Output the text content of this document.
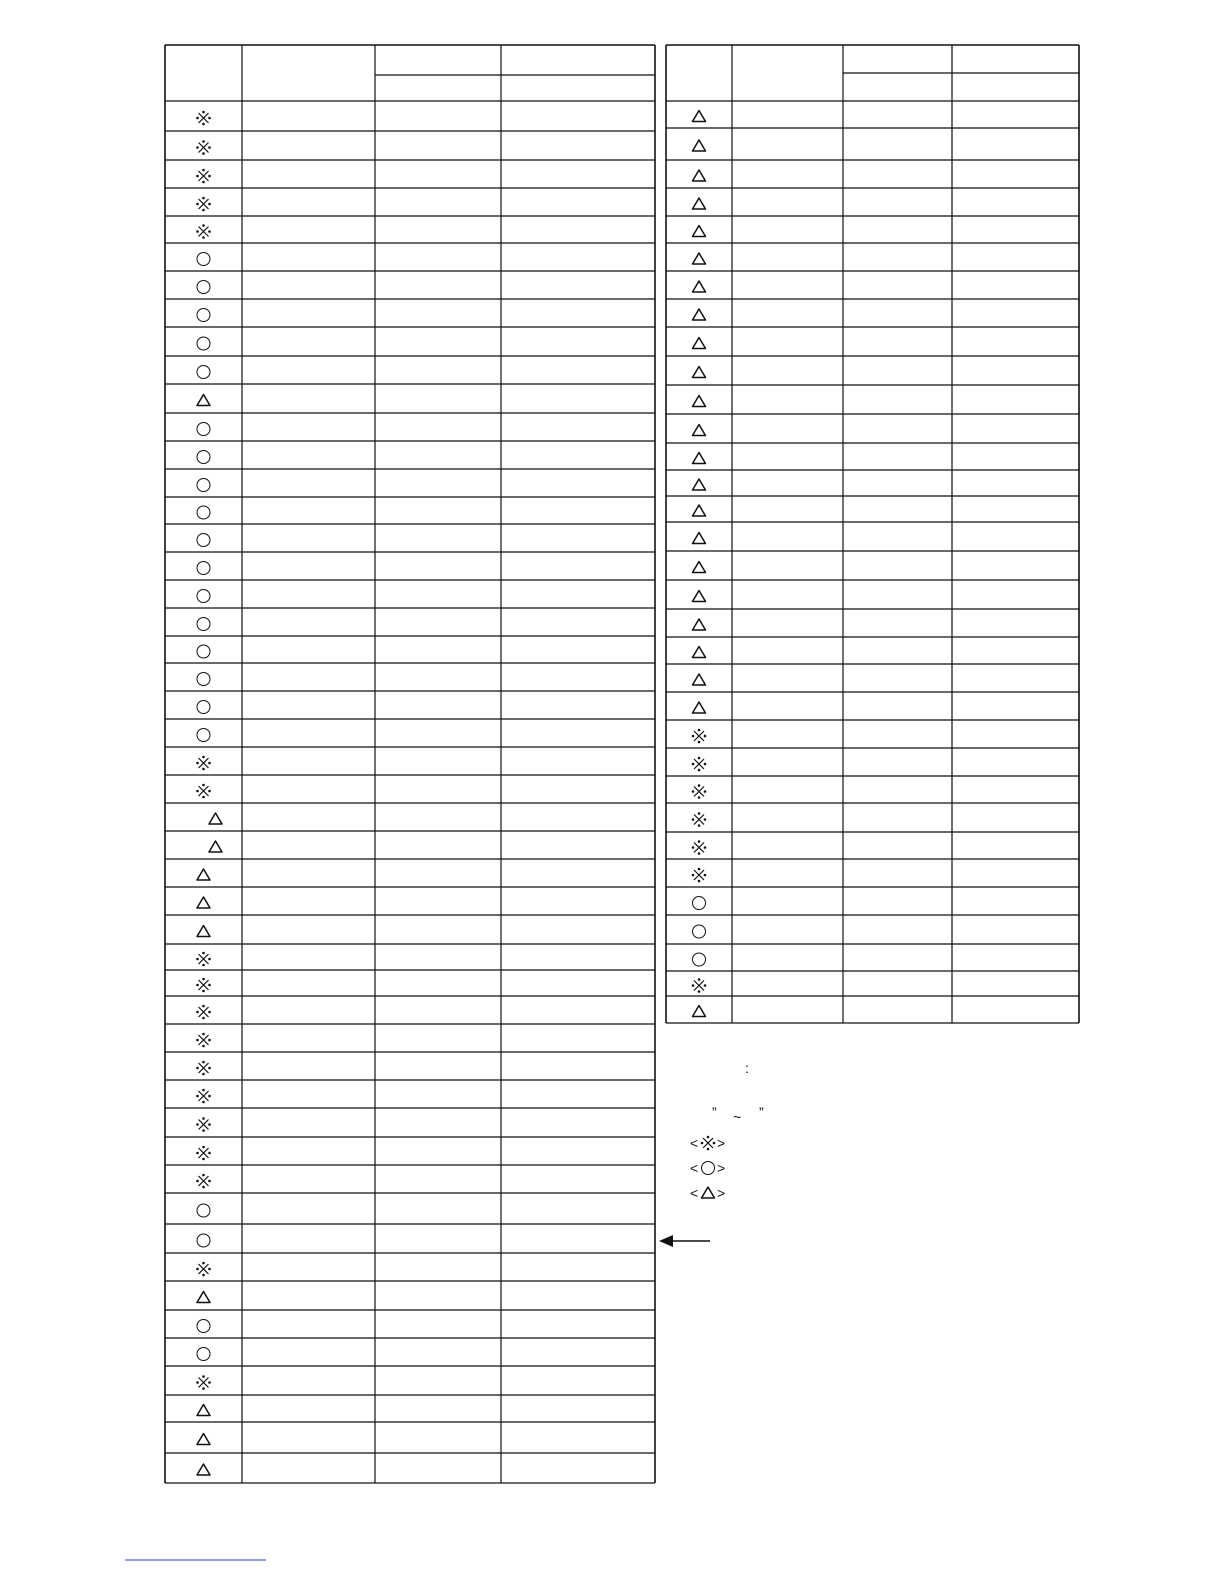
:
” ~ ”
< >
< >
< >
